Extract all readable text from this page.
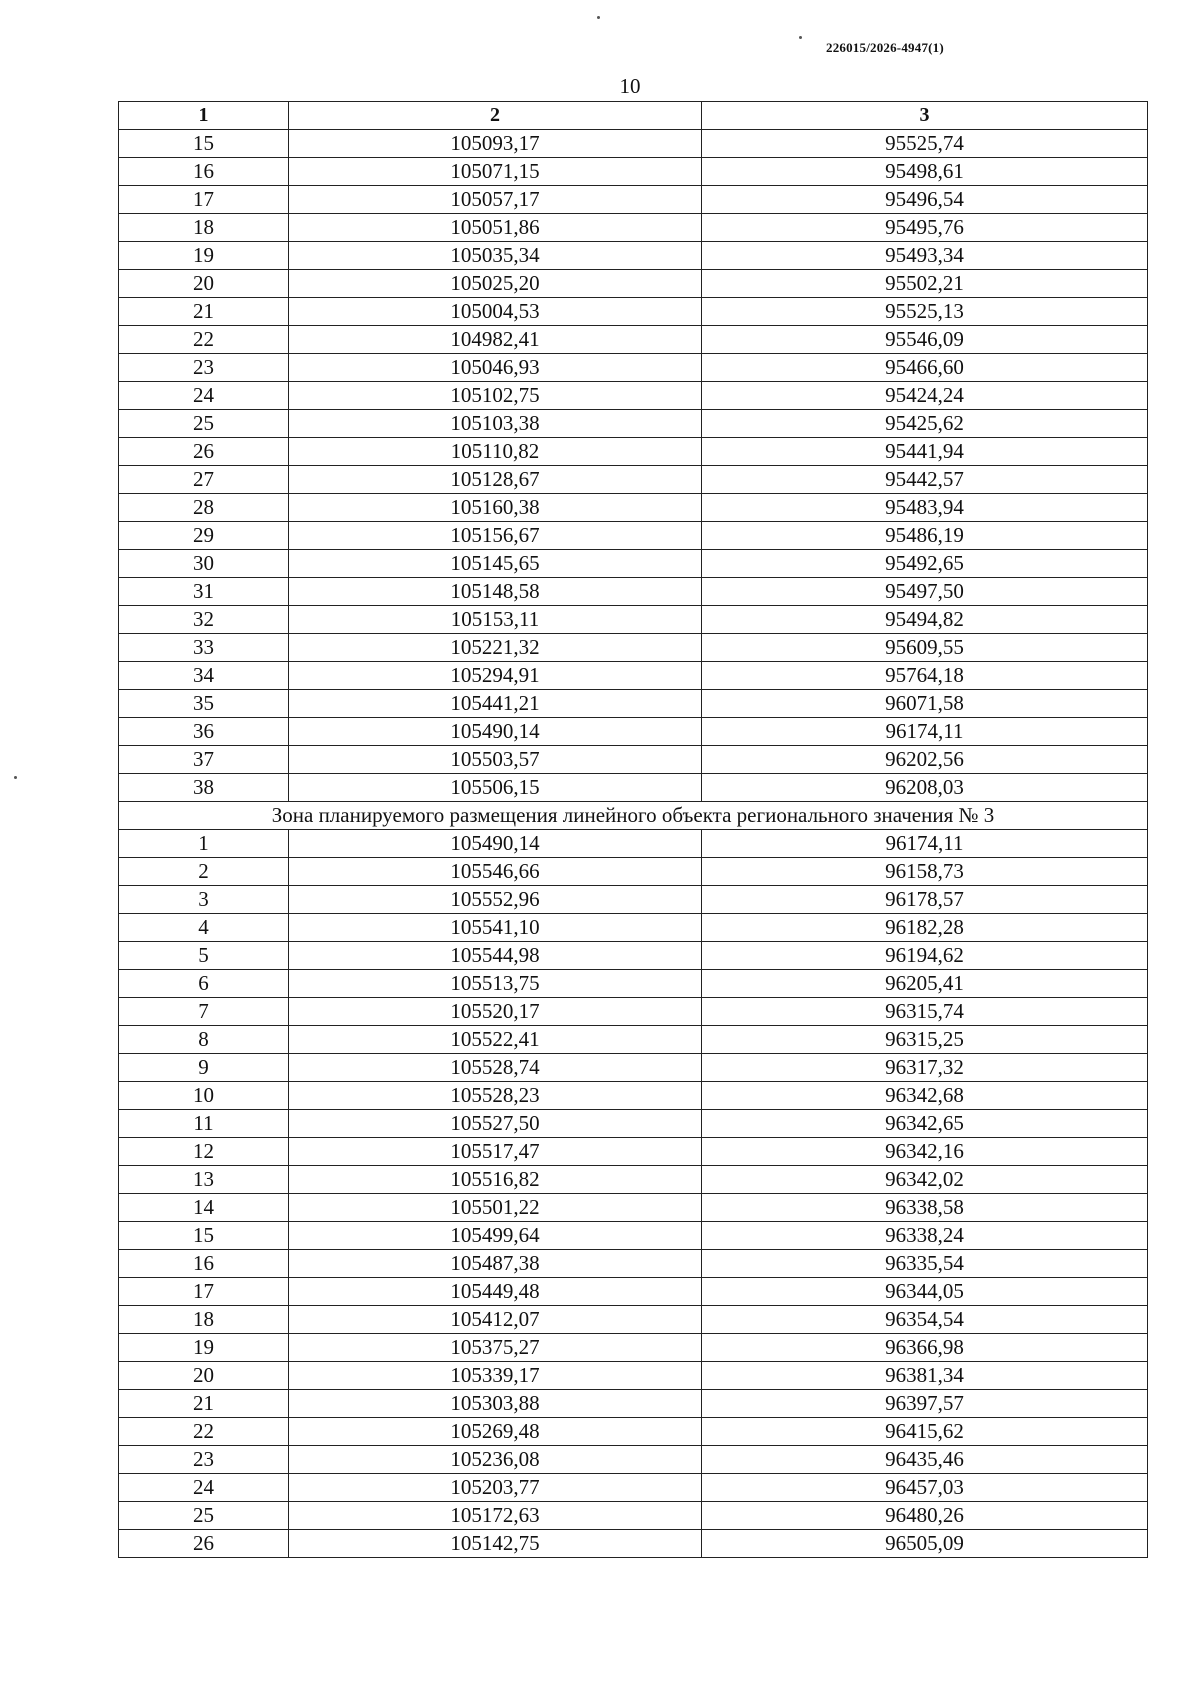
226015/2026-4947(1)
10
1	2	3
15	105093,17	95525,74
16	105071,15	95498,61
17	105057,17	95496,54
18	105051,86	95495,76
19	105035,34	95493,34
20	105025,20	95502,21
21	105004,53	95525,13
22	104982,41	95546,09
23	105046,93	95466,60
24	105102,75	95424,24
25	105103,38	95425,62
26	105110,82	95441,94
27	105128,67	95442,57
28	105160,38	95483,94
29	105156,67	95486,19
30	105145,65	95492,65
31	105148,58	95497,50
32	105153,11	95494,82
33	105221,32	95609,55
34	105294,91	95764,18
35	105441,21	96071,58
36	105490,14	96174,11
37	105503,57	96202,56
38	105506,15	96208,03
Зона планируемого размещения линейного объекта регионального значения № 3		
1	105490,14	96174,11
2	105546,66	96158,73
3	105552,96	96178,57
4	105541,10	96182,28
5	105544,98	96194,62
6	105513,75	96205,41
7	105520,17	96315,74
8	105522,41	96315,25
9	105528,74	96317,32
10	105528,23	96342,68
11	105527,50	96342,65
12	105517,47	96342,16
13	105516,82	96342,02
14	105501,22	96338,58
15	105499,64	96338,24
16	105487,38	96335,54
17	105449,48	96344,05
18	105412,07	96354,54
19	105375,27	96366,98
20	105339,17	96381,34
21	105303,88	96397,57
22	105269,48	96415,62
23	105236,08	96435,46
24	105203,77	96457,03
25	105172,63	96480,26
26	105142,75	96505,09
